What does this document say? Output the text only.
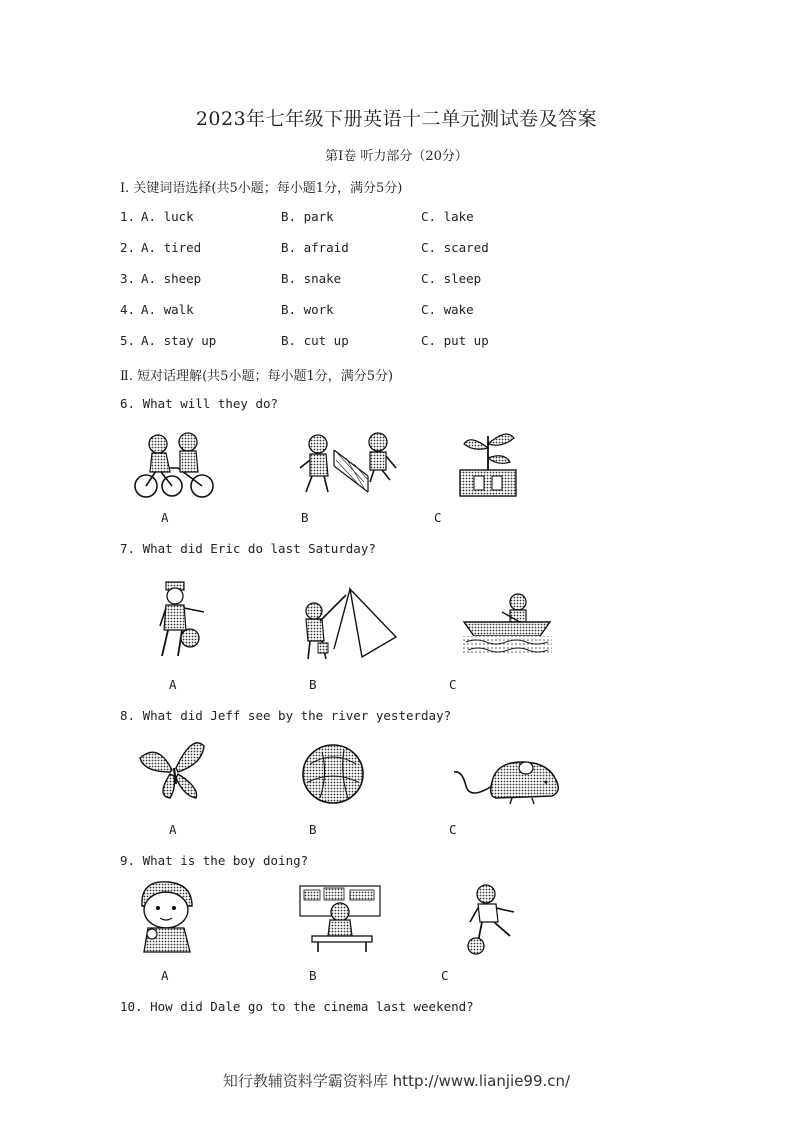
2023年七年级下册英语十二单元测试卷及答案
第Ⅰ卷 听力部分（20分）
Ⅰ. 关键词语选择(共5小题；每小题1分，满分5分)
1. A. luck	B. park	C. lake
2. A. tired	B. afraid	C. scared
3. A. sheep	B. snake	C. sleep
4. A. walk	B. work	C. wake
5. A. stay up	B. cut up	C. put up
Ⅱ. 短对话理解(共5小题；每小题1分，满分5分)
6. What will they do?
A	B	C
7. What did Eric do last Saturday?
A	B	C
8. What did Jeff see by the river yesterday?
A	B	C
9. What is the boy doing?
A	B	C
10. How did Dale go to the cinema last weekend?
知行教辅资料学霸资料库 http://www.lianjie99.cn/
